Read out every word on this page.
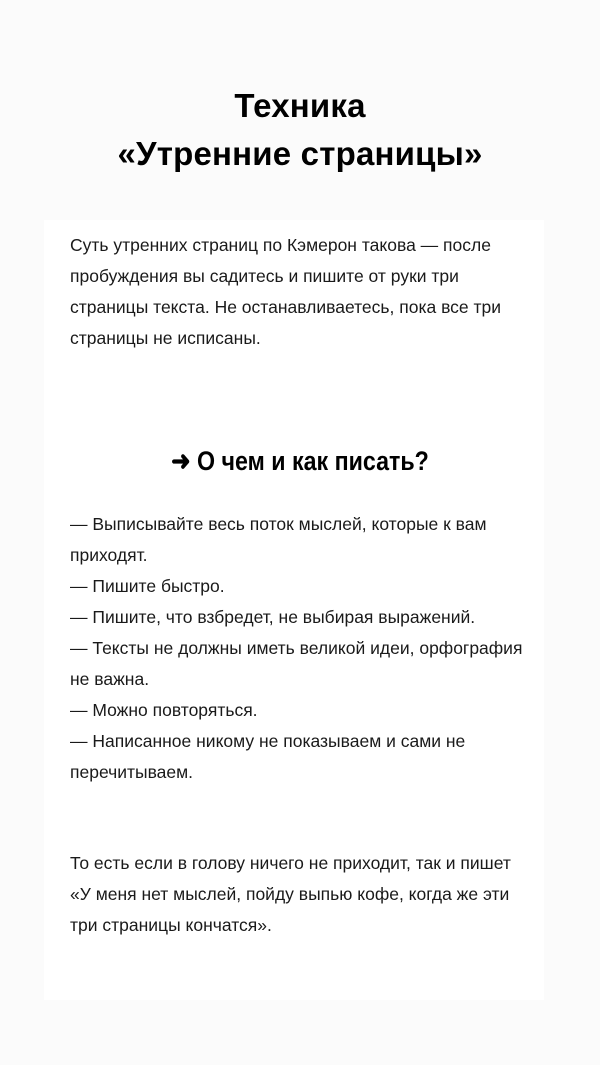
Техника
«Утренние страницы»

Суть утренних страниц по Кэмерон такова — после пробуждения вы садитесь и пишите от руки три страницы текста. Не останавливаетесь, пока все три страницы не исписаны.

➜ О чем и как писать?
— Выписывайте весь поток мыслей, которые к вам приходят.
— Пишите быстро.
— Пишите, что взбредет, не выбирая выражений.
— Тексты не должны иметь великой идеи, орфография не важна.
— Можно повторяться.
— Написанное никому не показываем и сами не перечитываем.

То есть если в голову ничего не приходит, так и пишет «У меня нет мыслей, пойду выпью кофе, когда же эти три страницы кончатся».
